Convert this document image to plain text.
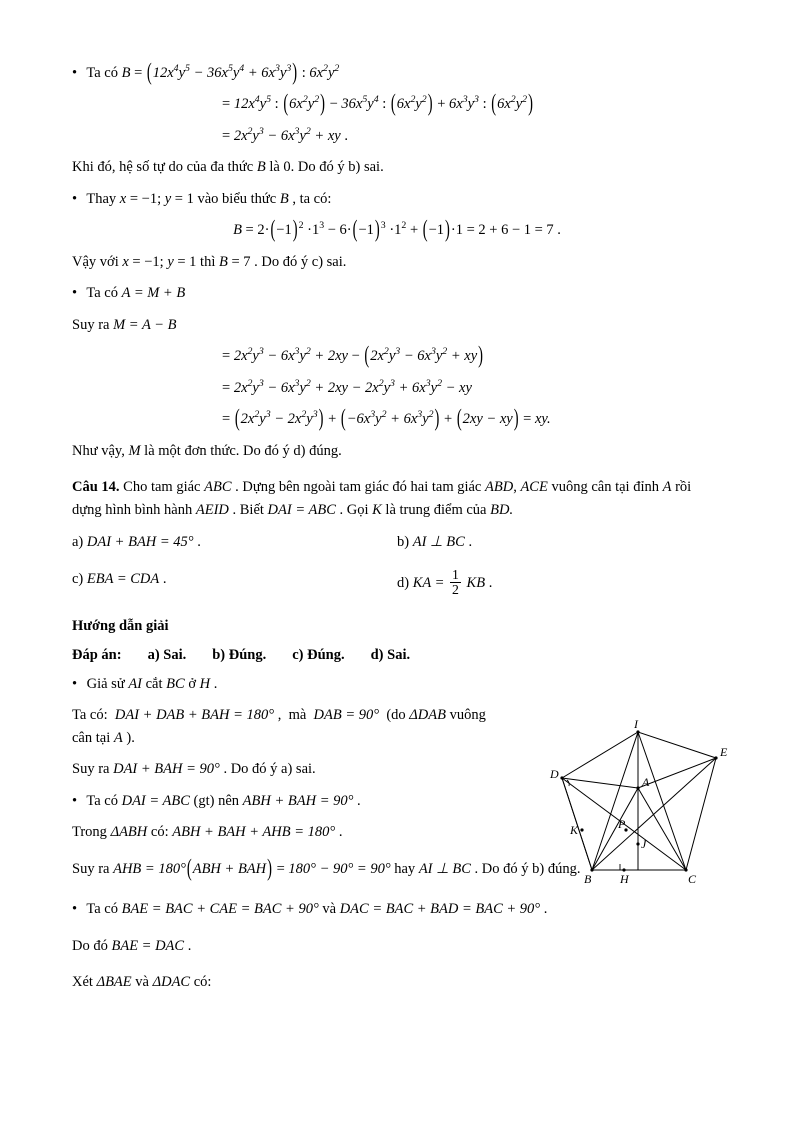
• Ta có $B = (12x^4y^5 - 36x^5y^4 + 6x^3y^3)$ : $6x^2y^2$
= $12x^4y^5$ : $(6x^2y^2) - 36x^5y^4$ : $(6x^2y^2) + 6x^3y^3$ : $(6x^2y^2)$
= $2x^2y^3 - 6x^3y^2$ + xy .
Khi đó, hệ số tự do của đa thức B là 0. Do đó ý b) sai.
• Thay x = −1; y = 1 vào biểu thức B , ta có:
$B = 2\cdot(-1)^2 \cdot 1^3 - 6\cdot(-1)^3 \cdot 1^2 + (-1)\cdot 1 = 2 + 6 - 1 = 7$ .
Vậy với x = −1; y = 1 thì B = 7 . Do đó ý c) sai.
• Ta có A = M + B
Suy ra M = A − B
= $2x^2y^3 - 6x^3y^2 + 2xy - (2x^2y^3 - 6x^3y^2 + xy)$
= $2x^2y^3 - 6x^3y^2 + 2xy - 2x^2y^3 + 6x^3y^2$ − xy
= $(2x^2y^3 - 2x^2y^3) + (-6x^3y^2 + 6x^3y^2) + (2xy - xy)$ = xy.
Như vậy, M là một đơn thức. Do đó ý d) đúng.
Câu 14. Cho tam giác ABC . Dựng bên ngoài tam giác đó hai tam giác ABD, ACE vuông cân tại đỉnh A rồi dựng hình bình hành AEID . Biết DAI = ABC . Gọi K là trung điểm của BD.
a) DAI + BAH = 45° .	b) AI ⊥ BC .
c) EBA = CDA .	d) KA = $\frac{1}{2}$ KB .
Hướng dẫn giải
Đáp án: a) Sai. b) Đúng. c) Đúng. d) Sai.
• Giả sử AI cắt BC ở H .
Ta có:  DAI + DAB + BAH = 180° ,  mà  DAB = 90°  (do ΔDAB vuông cân tại A ).
Suy ra DAI + BAH = 90° . Do đó ý a) sai.
• Ta có DAI = ABC (gt) nên ABH + BAH = 90° .
Trong ΔABH có: ABH + BAH + AHB = 180° .
Suy ra AHB = 180°(ABH + BAH) = 180° − 90° = 90° hay AI ⊥ BC . Do đó ý b) đúng.
• Ta có BAE = BAC + CAE = BAC + 90° và DAC = BAC + BAD = BAC + 90° .
Do đó BAE = DAC .
Xét ΔBAE và ΔDAC có:
I
E
D
A
K	P
J
B H	C
